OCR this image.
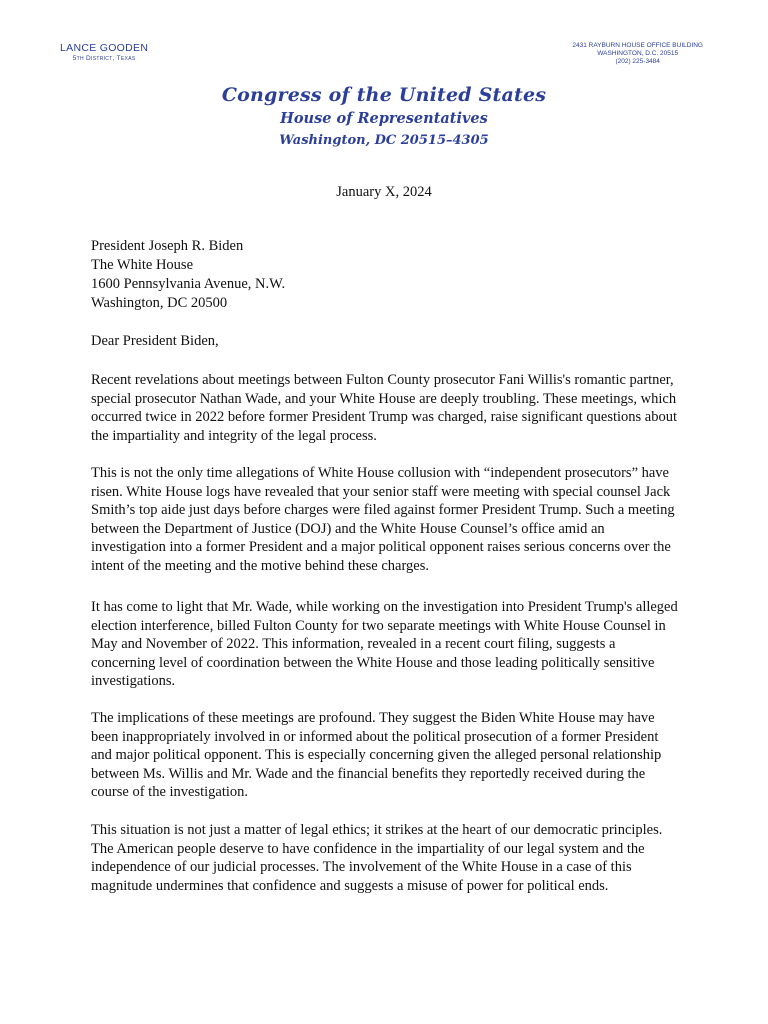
LANCE GOODEN
5th District, Texas
2431 RAYBURN HOUSE OFFICE BUILDING
WASHINGTON, D.C. 20515
(202) 225-3484
Congress of the United States
House of Representatives
Washington, DC 20515–4305
January X, 2024
President Joseph R. Biden
The White House
1600 Pennsylvania Avenue, N.W.
Washington, DC 20500
Dear President Biden,

Recent revelations about meetings between Fulton County prosecutor Fani Willis's romantic partner, special prosecutor Nathan Wade, and your White House are deeply troubling. These meetings, which occurred twice in 2022 before former President Trump was charged, raise significant questions about the impartiality and integrity of the legal process.

This is not the only time allegations of White House collusion with “independent prosecutors” have risen. White House logs have revealed that your senior staff were meeting with special counsel Jack Smith’s top aide just days before charges were filed against former President Trump. Such a meeting between the Department of Justice (DOJ) and the White House Counsel’s office amid an investigation into a former President and a major political opponent raises serious concerns over the intent of the meeting and the motive behind these charges.

It has come to light that Mr. Wade, while working on the investigation into President Trump's alleged election interference, billed Fulton County for two separate meetings with White House Counsel in May and November of 2022. This information, revealed in a recent court filing, suggests a concerning level of coordination between the White House and those leading politically sensitive investigations.

The implications of these meetings are profound. They suggest the Biden White House may have been inappropriately involved in or informed about the political prosecution of a former President and major political opponent. This is especially concerning given the alleged personal relationship between Ms. Willis and Mr. Wade and the financial benefits they reportedly received during the course of the investigation.

This situation is not just a matter of legal ethics; it strikes at the heart of our democratic principles. The American people deserve to have confidence in the impartiality of our legal system and the independence of our judicial processes. The involvement of the White House in a case of this magnitude undermines that confidence and suggests a misuse of power for political ends.
